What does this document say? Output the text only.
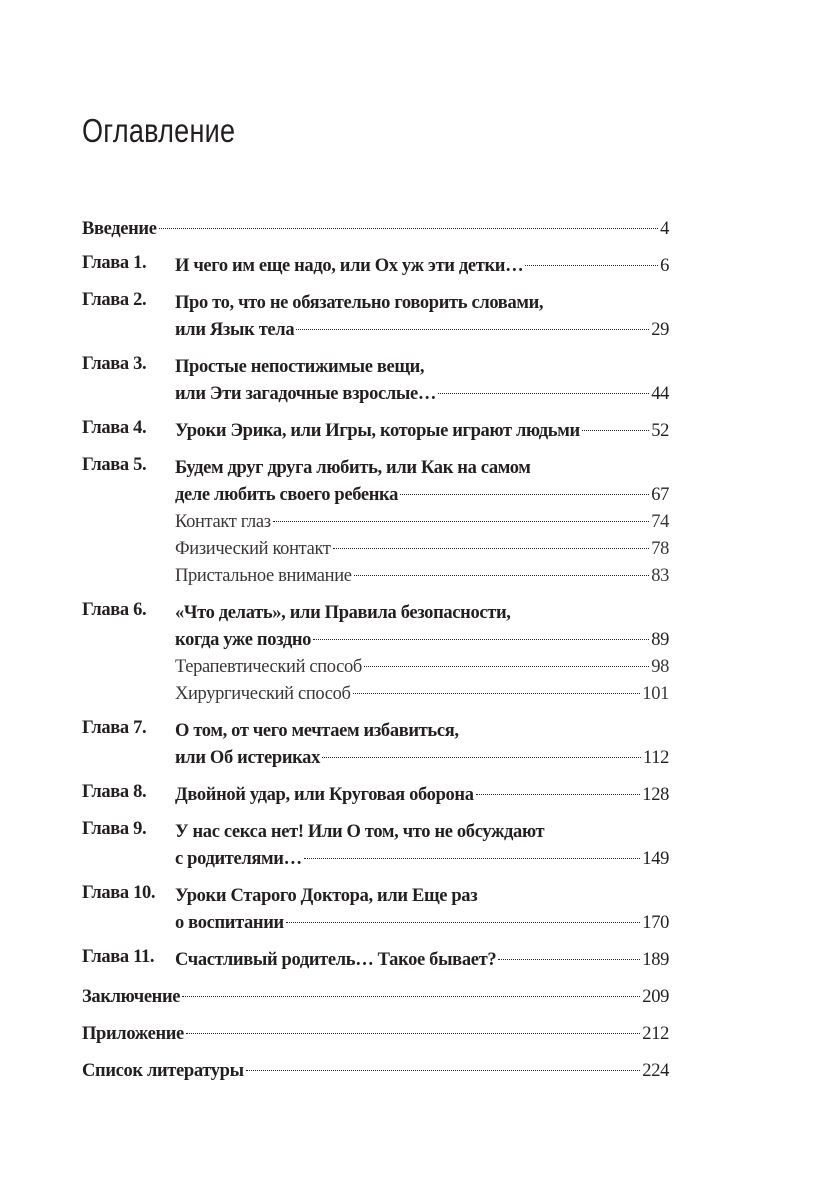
Оглавление
Введение	4
Глава 1.	И чего им еще надо, или Ох уж эти детки…	6
Глава 2.	Про то, что не обязательно говорить словами,
или Язык тела	29
Глава 3.	Простые непостижимые вещи,
или Эти загадочные взрослые…	44
Глава 4.	Уроки Эрика, или Игры, которые играют людьми	52
Глава 5.	Будем друг друга любить, или Как на самом
деле любить своего ребенка	67
Контакт глаз	74
Физический контакт	78
Пристальное внимание	83
Глава 6.	«Что делать», или Правила безопасности,
когда уже поздно	89
Терапевтический способ	98
Хирургический способ	101
Глава 7.	О том, от чего мечтаем избавиться,
или Об истериках	112
Глава 8.	Двойной удар, или Круговая оборона	128
Глава 9.	У нас секса нет! Или О том, что не обсуждают
с родителями…	149
Глава 10.	Уроки Старого Доктора, или Еще раз
о воспитании	170
Глава 11.	Счастливый родитель… Такое бывает?	189
Заключение	209
Приложение	212
Список литературы	224
